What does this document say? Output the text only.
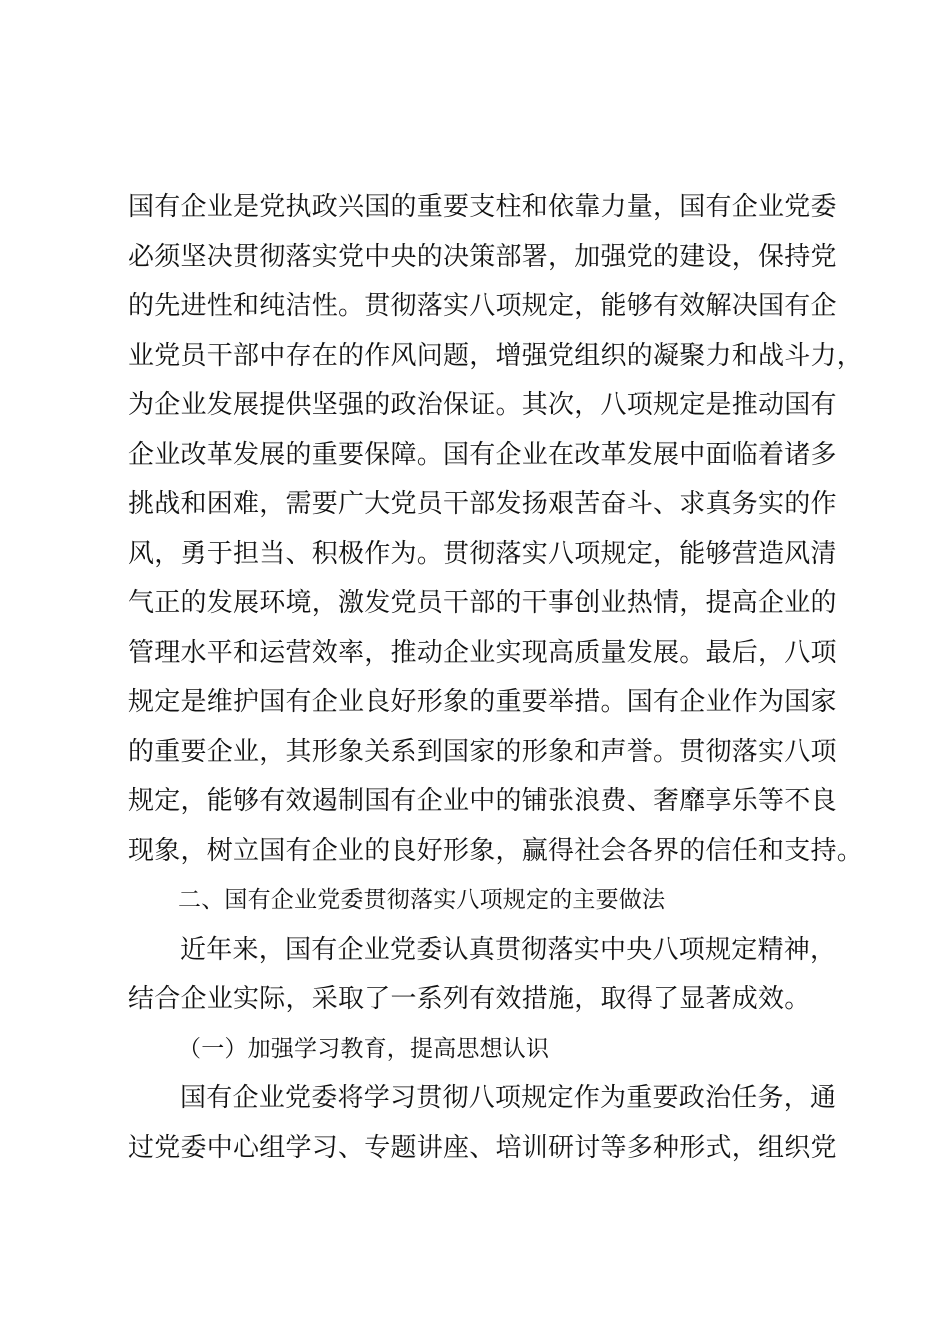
国有企业是党执政兴国的重要支柱和依靠力量，国有企业党委

必须坚决贯彻落实党中央的决策部署，加强党的建设，保持党

的先进性和纯洁性。贯彻落实八项规定，能够有效解决国有企

业党员干部中存在的作风问题，增强党组织的凝聚力和战斗力，

为企业发展提供坚强的政治保证。其次，八项规定是推动国有

企业改革发展的重要保障。国有企业在改革发展中面临着诸多

挑战和困难，需要广大党员干部发扬艰苦奋斗、求真务实的作

风，勇于担当、积极作为。贯彻落实八项规定，能够营造风清

气正的发展环境，激发党员干部的干事创业热情，提高企业的

管理水平和运营效率，推动企业实现高质量发展。最后，八项

规定是维护国有企业良好形象的重要举措。国有企业作为国家

的重要企业，其形象关系到国家的形象和声誉。贯彻落实八项

规定，能够有效遏制国有企业中的铺张浪费、奢靡享乐等不良

现象，树立国有企业的良好形象，赢得社会各界的信任和支持。

二、国有企业党委贯彻落实八项规定的主要做法

近年来，国有企业党委认真贯彻落实中央八项规定精神，

结合企业实际，采取了一系列有效措施，取得了显著成效。

（一）加强学习教育，提高思想认识

国有企业党委将学习贯彻八项规定作为重要政治任务，通

过党委中心组学习、专题讲座、培训研讨等多种形式，组织党
